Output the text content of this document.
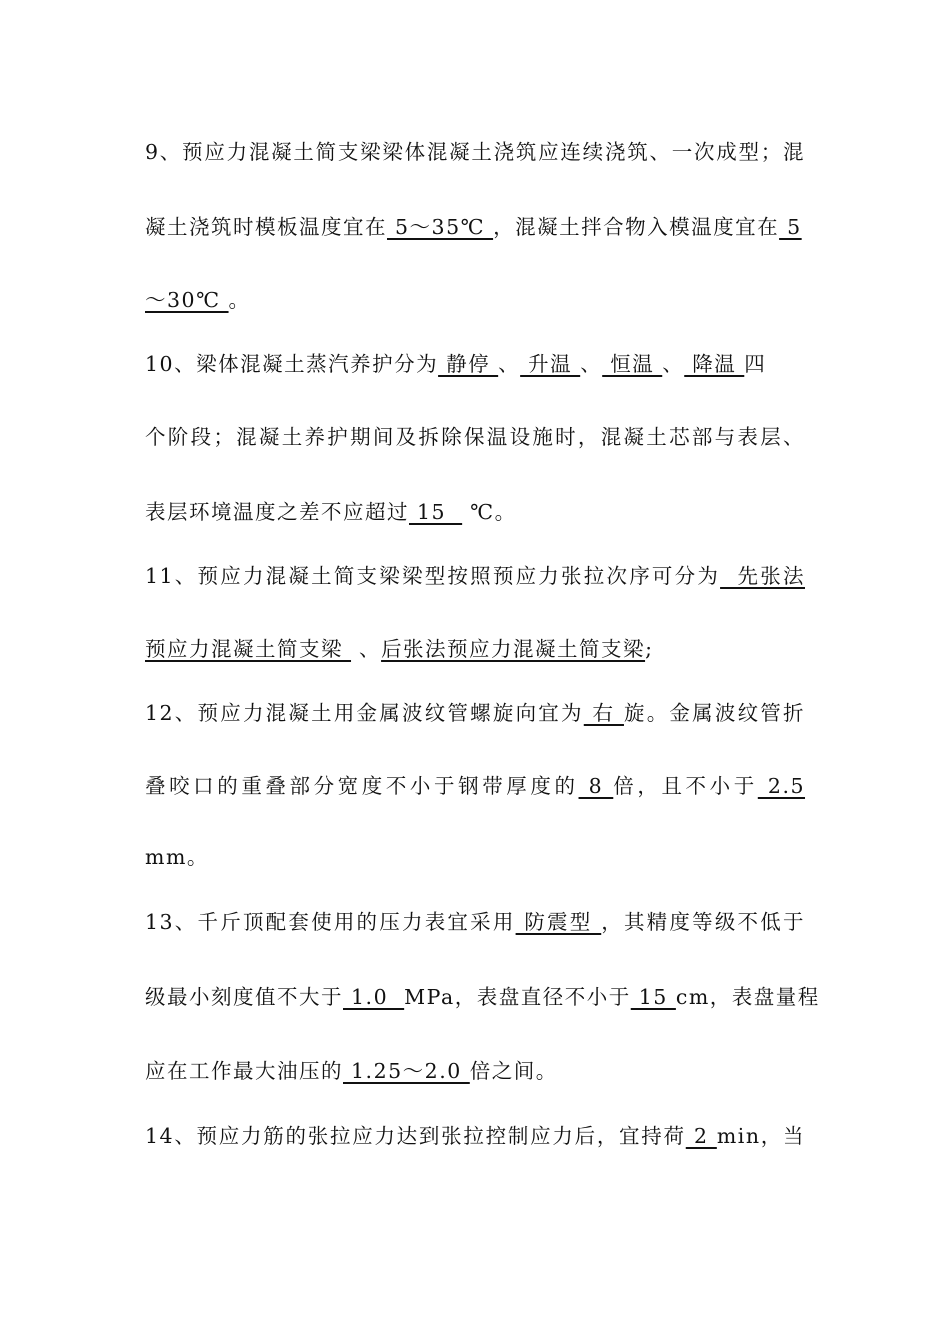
9、预应力混凝土简支梁梁体混凝土浇筑应连续浇筑、一次成型；混
凝土浇筑时模板温度宜在 5～35℃ ，混凝土拌合物入模温度宜在 5
～30℃ 。
10、梁体混凝土蒸汽养护分为 静停 、 升温 、 恒温 、 降温 四
个阶段；混凝土养护期间及拆除保温设施时，混凝土芯部与表层、
表层环境温度之差不应超过 15   ℃。
11、预应力混凝土简支梁梁型按照预应力张拉次序可分为  先张法
预应力混凝土简支梁  、后张法预应力混凝土简支梁;
12、预应力混凝土用金属波纹管螺旋向宜为 右 旋。金属波纹管折
叠咬口的重叠部分宽度不小于钢带厚度的 8 倍，且不小于 2.5
mm。
13、千斤顶配套使用的压力表宜采用 防震型 ，其精度等级不低于
级最小刻度值不大于 1.0  MPa，表盘直径不小于 15 cm，表盘量程
应在工作最大油压的 1.25～2.0 倍之间。
14、预应力筋的张拉应力达到张拉控制应力后，宜持荷 2 min，当
